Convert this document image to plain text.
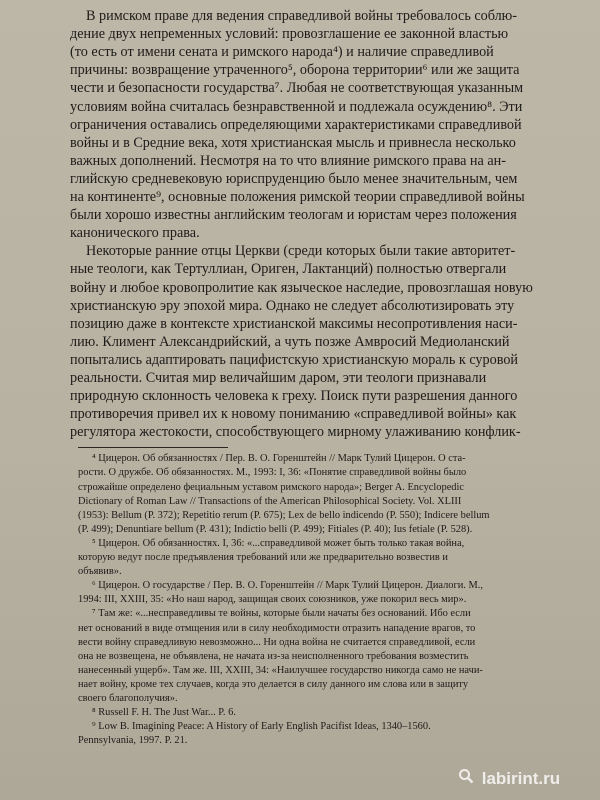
В римском праве для ведения справедливой войны требовалось соблю-
дение двух непременных условий: провозглашение ее законной властью
(то есть от имени сената и римского народа⁴) и наличие справедливой
причины: возвращение утраченного⁵, оборона территории⁶ или же защита
чести и безопасности государства⁷. Любая не соответствующая указанным
условиям война считалась безнравственной и подлежала осуждению⁸. Эти
ограничения оставались определяющими характеристиками справедливой
войны и в Средние века, хотя христианская мысль и привнесла несколько
важных дополнений. Несмотря на то что влияние римского права на ан-
глийскую средневековую юриспруденцию было менее значительным, чем
на континенте⁹, основные положения римской теории справедливой войны
были хорошо известны английским теологам и юристам через положения
канонического права.
Некоторые ранние отцы Церкви (среди которых были такие авторитет-
ные теологи, как Тертуллиан, Ориген, Лактанций) полностью отвергали
войну и любое кровопролитие как языческое наследие, провозглашая новую
христианскую эру эпохой мира. Однако не следует абсолютизировать эту
позицию даже в контексте христианской максимы несопротивления наси-
лию. Климент Александрийский, а чуть позже Амвросий Медиоланский
попытались адаптировать пацифистскую христианскую мораль к суровой
реальности. Считая мир величайшим даром, эти теологи признавали
природную склонность человека к греху. Поиск пути разрешения данного
противоречия привел их к новому пониманию «справедливой войны» как
регулятора жестокости, способствующего мирному улаживанию конфлик-
⁴ Цицерон. Об обязанностях / Пер. В. О. Горенштейн // Марк Тулий Цицерон. О ста-
рости. О дружбе. Об обязанностях. М., 1993: I, 36: «Понятие справедливой войны было
строжайше определено фециальным уставом римского народа»; Berger A. Encyclopedic
Dictionary of Roman Law // Transactions of the American Philosophical Society. Vol. XLIII
(1953): Bellum (P. 372); Repetitio rerum (P. 675); Lex de bello indicendo (P. 550); Indicere bellum
(P. 499); Denuntiare bellum (P. 431); Indictio belli (P. 499); Fitiales (P. 40); Ius fetiale (P. 528).
⁵ Цицерон. Об обязанностях. I, 36: «...справедливой может быть только такая война,
которую ведут после предъявления требований или же предварительно возвестив и
объявив».
⁶ Цицерон. О государстве / Пер. В. О. Горенштейн // Марк Тулий Цицерон. Диалоги. М.,
1994: III, XXIII, 35: «Но наш народ, защищая своих союзников, уже покорил весь мир».
⁷ Там же: «...несправедливы те войны, которые были начаты без оснований. Ибо если
нет оснований в виде отмщения или в силу необходимости отразить нападение врагов, то
вести войну справедливую невозможно... Ни одна война не считается справедливой, если
она не возвещена, не объявлена, не начата из-за неисполненного требования возместить
нанесенный ущерб». Там же. III, XXIII, 34: «Наилучшее государство никогда само не начи-
нает войну, кроме тех случаев, когда это делается в силу данного им слова или в защиту
своего благополучия».
⁸ Russell F. H. The Just War... P. 6.
⁹ Low B. Imagining Peace: A History of Early English Pacifist Ideas, 1340–1560.
Pennsylvania, 1997. P. 21.
labirint.ru
